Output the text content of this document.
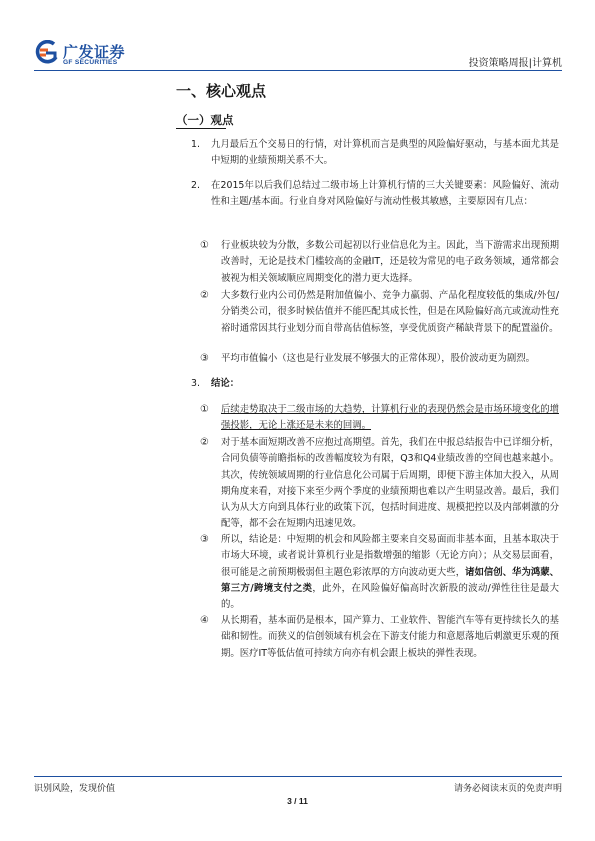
广发证券
GF SECURITIES	投资策略周报|计算机
一、核心观点
（一）观点
1. 九月最后五个交易日的行情，对计算机而言是典型的风险偏好驱动，与基本面尤其是中短期的业绩预期关系不大。
2. 在2015年以后我们总结过二级市场上计算机行情的三大关键要素：风险偏好、流动性和主题/基本面。行业自身对风险偏好与流动性极其敏感，主要原因有几点：
① 行业板块较为分散，多数公司起初以行业信息化为主。因此，当下游需求出现预期改善时，无论是技术门槛较高的金融IT，还是较为常见的电子政务领域，通常都会被视为相关领域顺应周期变化的潜力更大选择。
② 大多数行业内公司仍然是附加值偏小、竞争力羸弱、产品化程度较低的集成/外包/分销类公司，很多时候估值并不能匹配其成长性，但是在风险偏好高亢或流动性充裕时通常因其行业划分而自带高估值标签，享受优质资产稀缺背景下的配置溢价。
③ 平均市值偏小（这也是行业发展不够强大的正常体现），股价波动更为剧烈。
3. 结论：
① 后续走势取决于二级市场的大趋势，计算机行业的表现仍然会是市场环境变化的增强投影，无论上涨还是未来的回调。
② 对于基本面短期改善不应抱过高期望。首先，我们在中报总结报告中已详细分析，合同负债等前瞻指标的改善幅度较为有限，Q3和Q4业绩改善的空间也越来越小。其次，传统领域周期的行业信息化公司属于后周期，即便下游主体加大投入，从周期角度来看，对接下来至少两个季度的业绩预期也难以产生明显改善。最后，我们认为从大方向到具体行业的政策下沉，包括时间进度、规模把控以及内部刺激的分配等，都不会在短期内迅速见效。
③ 所以，结论是：中短期的机会和风险都主要来自交易面而非基本面，且基本取决于市场大环境，或者说计算机行业是指数增强的缩影（无论方向）；从交易层面看，很可能是之前预期极弱但主题色彩浓厚的方向波动更大些，诸如信创、华为鸿蒙、第三方/跨境支付之类，此外，在风险偏好偏高时次新股的波动/弹性往往是最大的。
④ 从长期看，基本面仍是根本，国产算力、工业软件、智能汽车等有更持续长久的基础和韧性。而狭义的信创领域有机会在下游支付能力和意愿落地后刺激更乐观的预期。医疗IT等低估值可持续方向亦有机会跟上板块的弹性表现。
识别风险，发现价值	请务必阅读末页的免责声明
3 / 11
